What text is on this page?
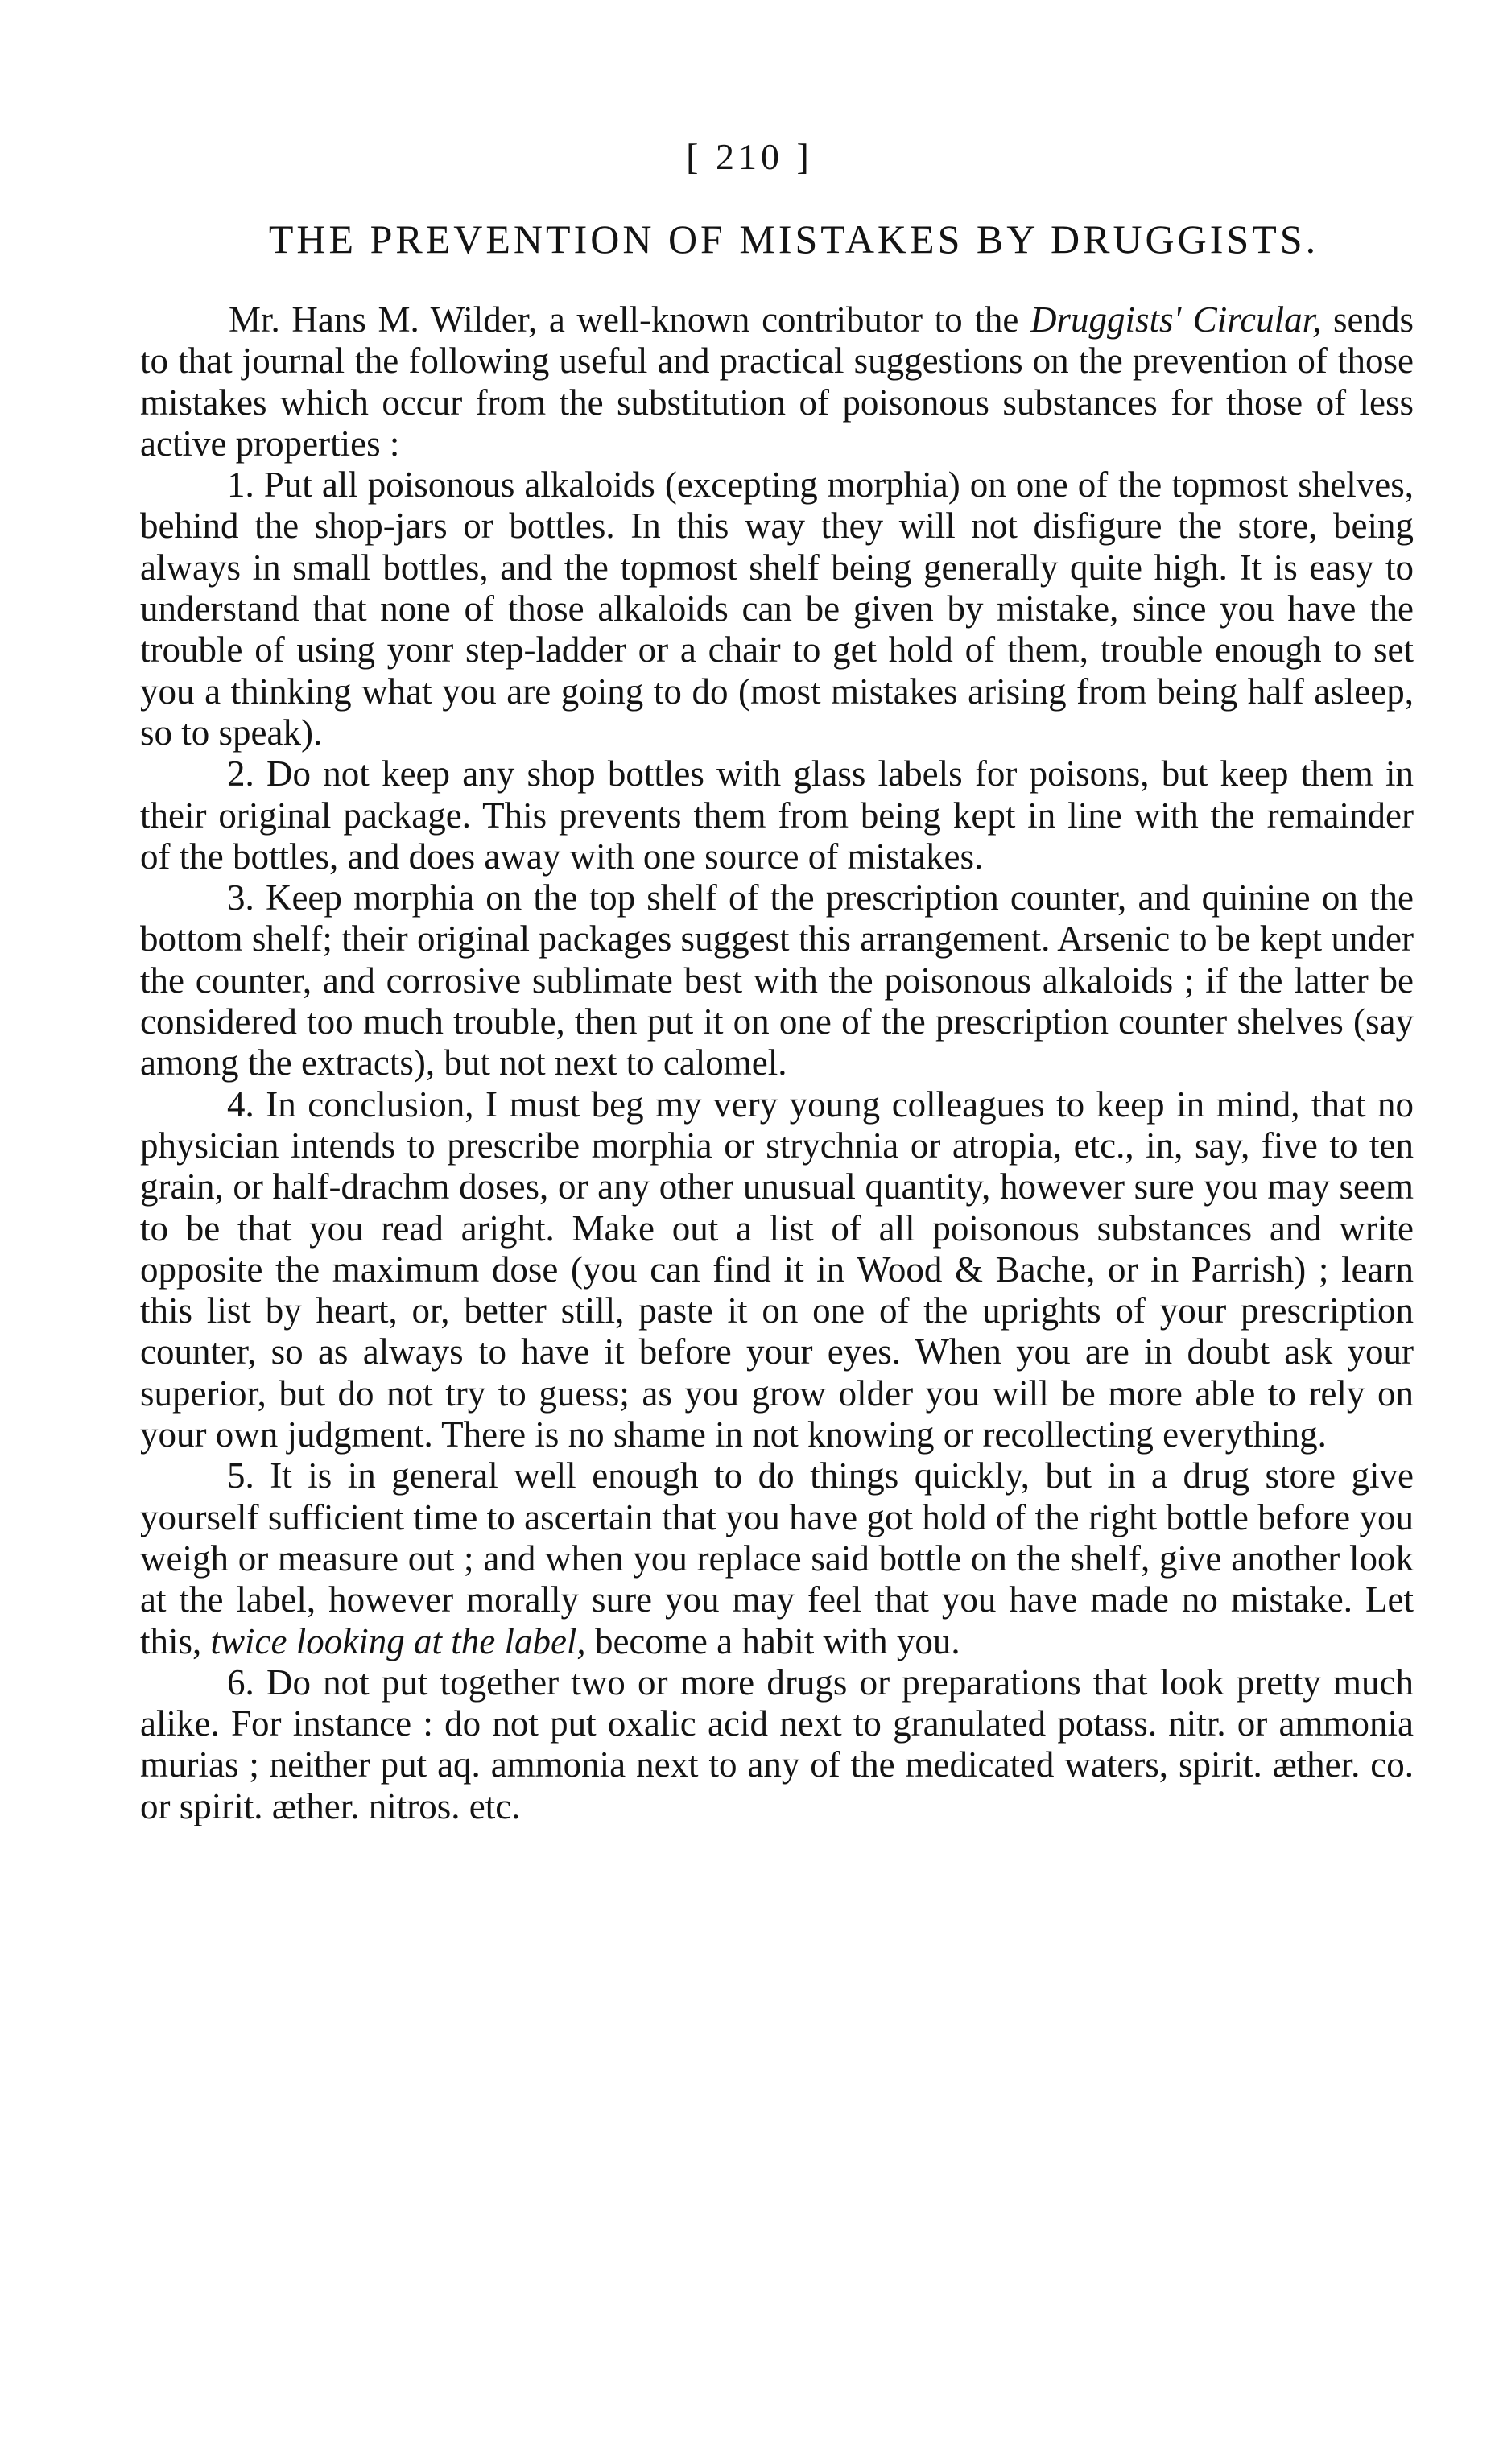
[ 210 ]
THE PREVENTION OF MISTAKES BY DRUGGISTS.

Mr. Hans M. Wilder, a well-known contributor to the Druggists' Circular, sends to that journal the following useful and practical suggestions on the prevention of those mistakes which occur from the substitution of poisonous substances for those of less active properties :

1. Put all poisonous alkaloids (excepting morphia) on one of the topmost shelves, behind the shop-jars or bottles. In this way they will not disfigure the store, being always in small bottles, and the topmost shelf being generally quite high. It is easy to understand that none of those alkaloids can be given by mistake, since you have the trouble of using yonr step-ladder or a chair to get hold of them, trouble enough to set you a thinking what you are going to do (most mistakes arising from being half asleep, so to speak).

2. Do not keep any shop bottles with glass labels for poisons, but keep them in their original package. This prevents them from being kept in line with the remainder of the bottles, and does away with one source of mistakes.

3. Keep morphia on the top shelf of the prescription counter, and quinine on the bottom shelf; their original packages suggest this arrangement. Arsenic to be kept under the counter, and corrosive sublimate best with the poisonous alkaloids ; if the latter be considered too much trouble, then put it on one of the prescription counter shelves (say among the extracts), but not next to calomel.

4. In conclusion, I must beg my very young colleagues to keep in mind, that no physician intends to prescribe morphia or strychnia or atropia, etc., in, say, five to ten grain, or half-drachm doses, or any other unusual quantity, however sure you may seem to be that you read aright. Make out a list of all poisonous substances and write opposite the maximum dose (you can find it in Wood & Bache, or in Parrish) ; learn this list by heart, or, better still, paste it on one of the uprights of your prescription counter, so as always to have it before your eyes. When you are in doubt ask your superior, but do not try to guess; as you grow older you will be more able to rely on your own judgment. There is no shame in not knowing or recollecting everything.

5. It is in general well enough to do things quickly, but in a drug store give yourself sufficient time to ascertain that you have got hold of the right bottle before you weigh or measure out ; and when you replace said bottle on the shelf, give another look at the label, however morally sure you may feel that you have made no mistake. Let this, twice looking at the label, become a habit with you.

6. Do not put together two or more drugs or preparations that look pretty much alike. For instance : do not put oxalic acid next to granulated potass. nitr. or ammonia murias ; neither put aq. ammonia next to any of the medicated waters, spirit. æther. co. or spirit. æther. nitros. etc.
